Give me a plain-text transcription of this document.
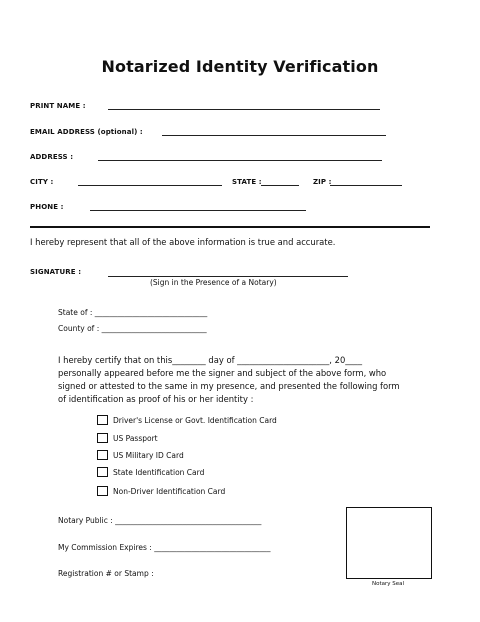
Notarized Identity Verification
PRINT NAME :
EMAIL ADDRESS (optional) :
ADDRESS :
CITY :	STATE :	ZIP :
PHONE :
I hereby represent that all of the above information is true and accurate.
SIGNATURE :
(Sign in the Presence of a Notary)
State of : ______________________________
County of : ____________________________
I hereby certify that on this________ day of ______________________, 20____
personally appeared before me the signer and subject of the above form, who
signed or attested to the same in my presence, and presented the following form
of identification as proof of his or her identity :
Driver's License or Govt. Identification Card
US Passport
US Military ID Card
State Identification Card
Non-Driver Identification Card
Notary Public : _______________________________________
My Commission Expires : _______________________________
Registration # or Stamp :
Notary Seal
